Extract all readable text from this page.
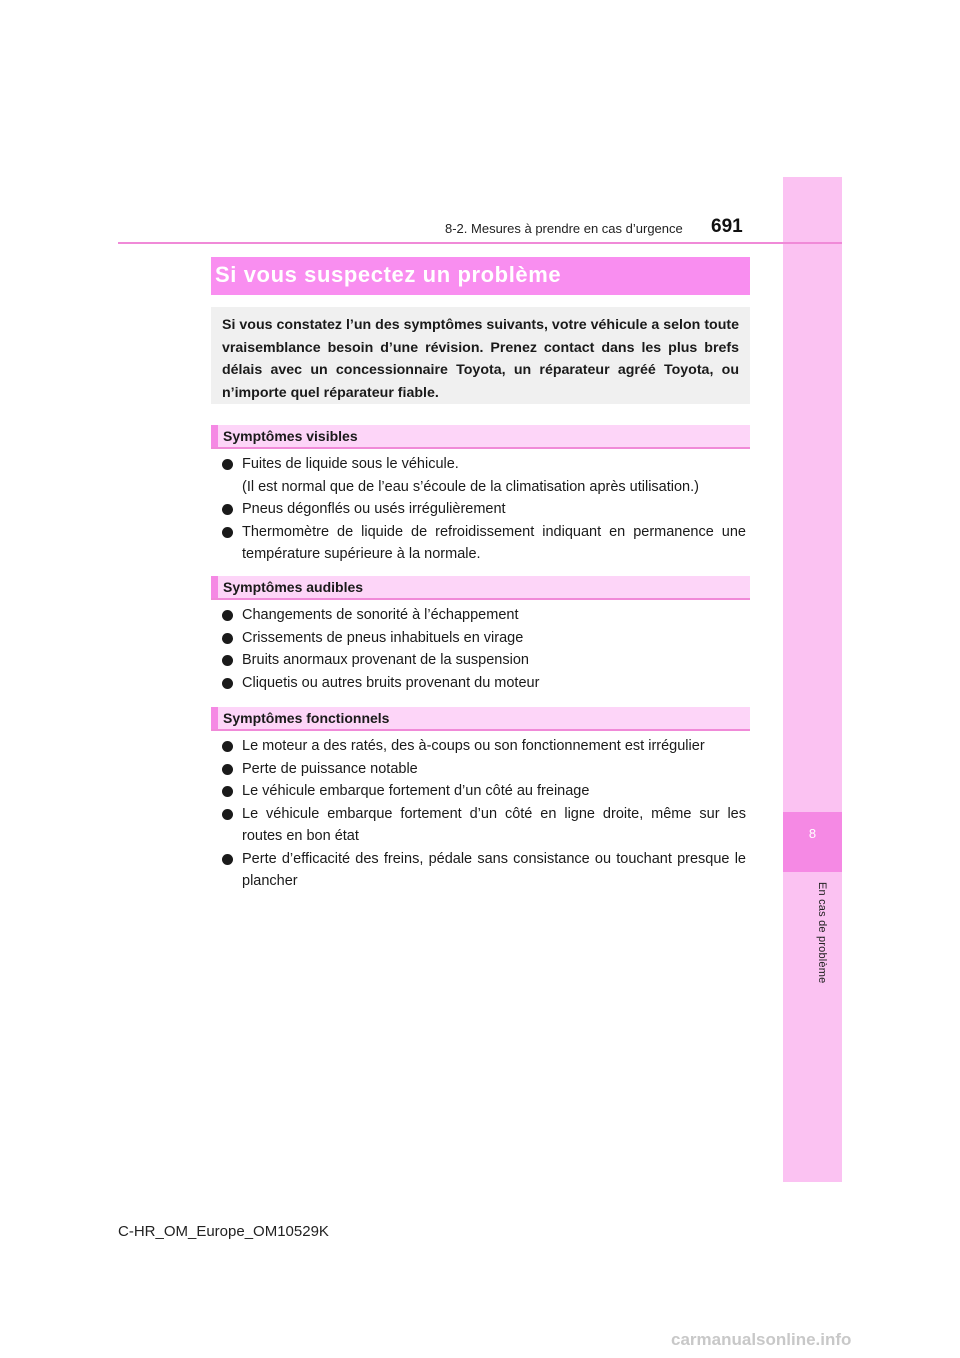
8
En cas de problème
8-2. Mesures à prendre en cas d’urgence 691
Si vous suspectez un problème
Si vous constatez l’un des symptômes suivants, votre véhicule a selon toute vraisemblance besoin d’une révision. Prenez contact dans les plus brefs délais avec un concessionnaire Toyota, un réparateur agréé Toyota, ou n’importe quel réparateur fiable.
Symptômes visibles
Fuites de liquide sous le véhicule.
(Il est normal que de l’eau s’écoule de la climatisation après utilisation.)
Pneus dégonflés ou usés irrégulièrement
Thermomètre de liquide de refroidissement indiquant en permanence une température supérieure à la normale.
Symptômes audibles
Changements de sonorité à l’échappement
Crissements de pneus inhabituels en virage
Bruits anormaux provenant de la suspension
Cliquetis ou autres bruits provenant du moteur
Symptômes fonctionnels
Le moteur a des ratés, des à-coups ou son fonctionnement est irrégulier
Perte de puissance notable
Le véhicule embarque fortement d’un côté au freinage
Le véhicule embarque fortement d’un côté en ligne droite, même sur les routes en bon état
Perte d’efficacité des freins, pédale sans consistance ou touchant presque le plancher
C-HR_OM_Europe_OM10529K
carmanualsonline.info
